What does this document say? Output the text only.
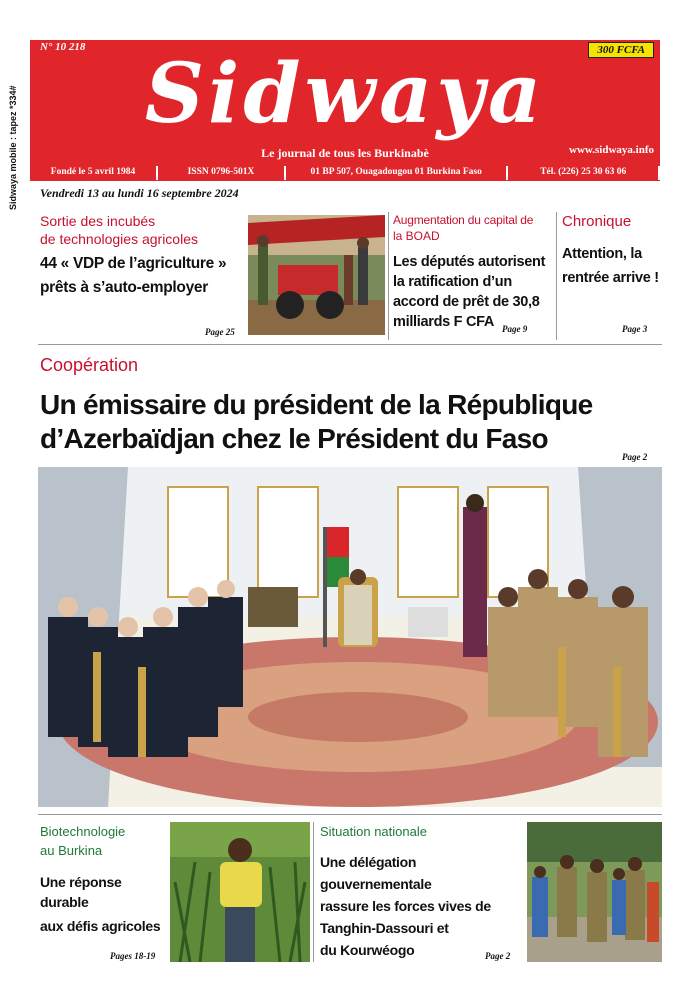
Sidwaya mobile : tapez *334#
N° 10 218	300 FCFA
Sidwaya
Le journal de tous les Burkinabè	www.sidwaya.info
Fondé le 5 avril 1984	ISSN 0796-501X	01 BP 507, Ouagadougou 01 Burkina Faso	Tél. (226) 25 30 63 06
Vendredi 13 au lundi 16 septembre 2024
Sortie des incubés
de technologies agricoles
44 « VDP de l’agriculture »
prêts à s’auto-employer
Page 25
Augmentation du capital de
la BOAD
Les députés autorisent
la ratification d’un
accord de prêt de 30,8
milliards F CFA Page 9
Chronique
Attention, la
rentrée arrive !
Page 3
Coopération
Un émissaire du président de la République
d’Azerbaïdjan chez le Président du Faso
Page 2
Biotechnologie
au Burkina
Une réponse durable
aux défis agricoles
Pages 18-19
Situation nationale
Une délégation gouvernementale
rassure les forces vives de
Tanghin-Dassouri et
du Kourwéogo	Page 2
